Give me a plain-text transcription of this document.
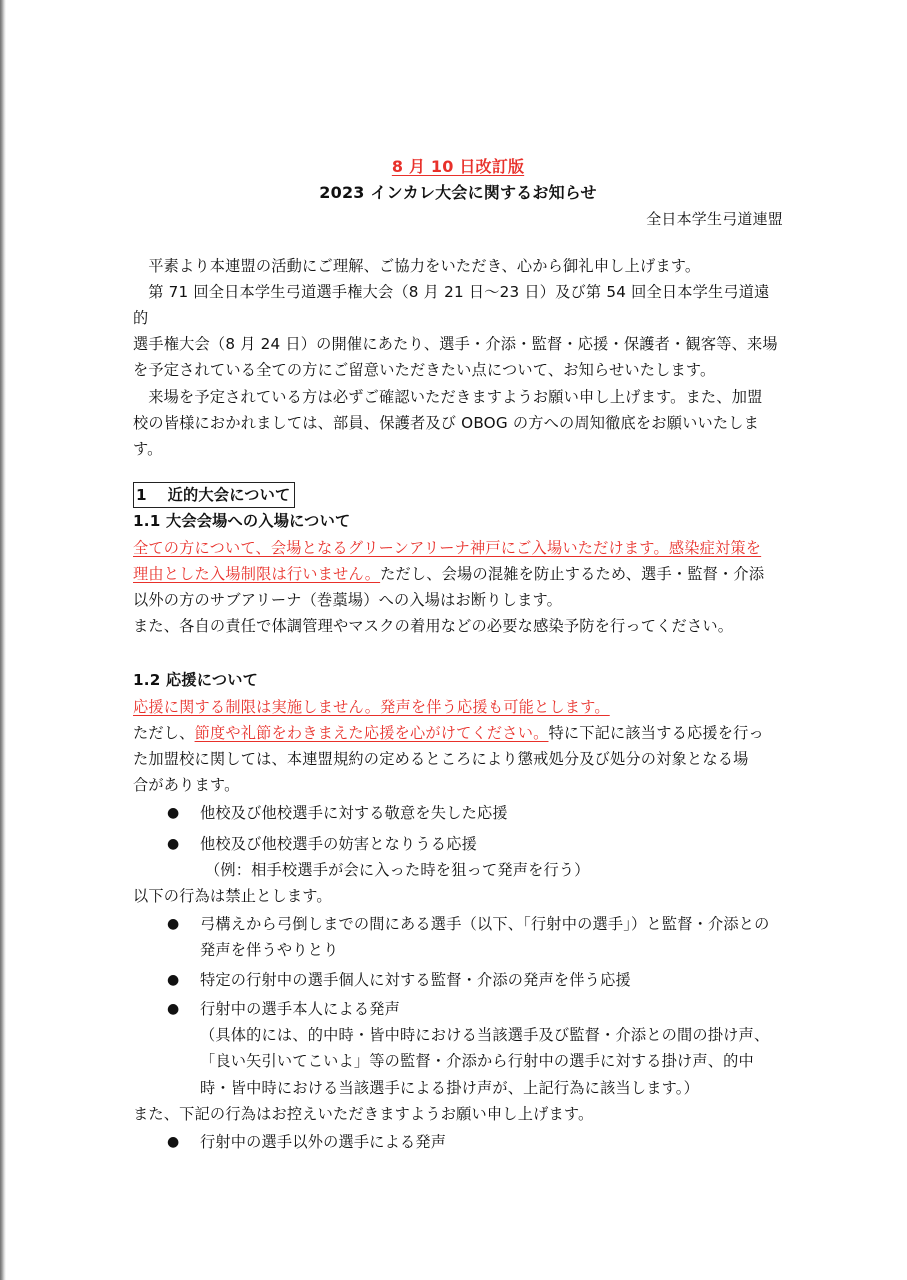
8 月 10 日改訂版
2023 インカレ大会に関するお知らせ
全日本学生弓道連盟
平素より本連盟の活動にご理解、ご協力をいただき、心から御礼申し上げます。
第 71 回全日本学生弓道選手権大会（8 月 21 日～23 日）及び第 54 回全日本学生弓道遠的
選手権大会（8 月 24 日）の開催にあたり、選手・介添・監督・応援・保護者・観客等、来場
を予定されている全ての方にご留意いただきたい点について、お知らせいたします。
来場を予定されている方は必ずご確認いただきますようお願い申し上げます。また、加盟
校の皆様におかれましては、部員、保護者及び OBOG の方への周知徹底をお願いいたします。
1　 近的大会について
1.1 大会会場への入場について
全ての方について、会場となるグリーンアリーナ神戸にご入場いただけます。感染症対策を
理由とした入場制限は行いません。ただし、会場の混雑を防止するため、選手・監督・介添
以外の方のサブアリーナ（巻藁場）への入場はお断りします。
また、各自の責任で体調管理やマスクの着用などの必要な感染予防を行ってください。
1.2 応援について
応援に関する制限は実施しません。発声を伴う応援も可能とします。
ただし、節度や礼節をわきまえた応援を心がけてください。特に下記に該当する応援を行っ
た加盟校に関しては、本連盟規約の定めるところにより懲戒処分及び処分の対象となる場
合があります。
● 他校及び他校選手に対する敬意を失した応援
● 他校及び他校選手の妨害となりうる応援
（例：相手校選手が会に入った時を狙って発声を行う）
以下の行為は禁止とします。
● 弓構えから弓倒しまでの間にある選手（以下、「行射中の選手」）と監督・介添との
発声を伴うやりとり
● 特定の行射中の選手個人に対する監督・介添の発声を伴う応援
● 行射中の選手本人による発声
（具体的には、的中時・皆中時における当該選手及び監督・介添との間の掛け声、
「良い矢引いてこいよ」等の監督・介添から行射中の選手に対する掛け声、的中
時・皆中時における当該選手による掛け声が、上記行為に該当します。）
また、下記の行為はお控えいただきますようお願い申し上げます。
● 行射中の選手以外の選手による発声
